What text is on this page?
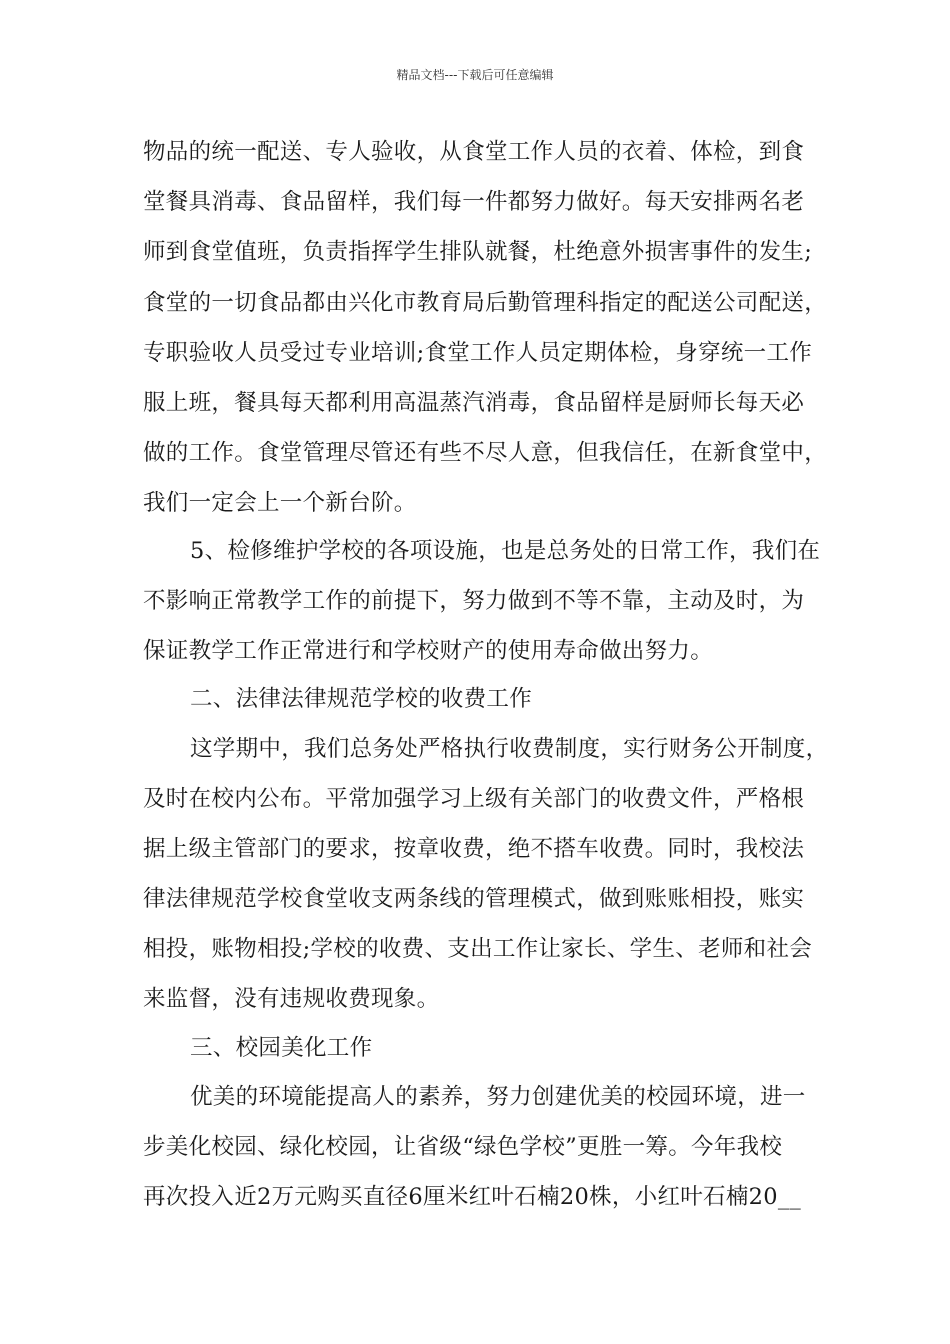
精品文档---下载后可任意编辑
物品的统一配送、专人验收，从食堂工作人员的衣着、体检，到食
堂餐具消毒、食品留样，我们每一件都努力做好。每天安排两名老
师到食堂值班，负责指挥学生排队就餐，杜绝意外损害事件的发生;
食堂的一切食品都由兴化市教育局后勤管理科指定的配送公司配送，
专职验收人员受过专业培训;食堂工作人员定期体检，身穿统一工作
服上班，餐具每天都利用高温蒸汽消毒，食品留样是厨师长每天必
做的工作。食堂管理尽管还有些不尽人意，但我信任，在新食堂中，
我们一定会上一个新台阶。
5、检修维护学校的各项设施，也是总务处的日常工作，我们在
不影响正常教学工作的前提下，努力做到不等不靠，主动及时，为
保证教学工作正常进行和学校财产的使用寿命做出努力。
二、法律法律规范学校的收费工作
这学期中，我们总务处严格执行收费制度，实行财务公开制度，
及时在校内公布。平常加强学习上级有关部门的收费文件，严格根
据上级主管部门的要求，按章收费，绝不搭车收费。同时，我校法
律法律规范学校食堂收支两条线的管理模式，做到账账相投，账实
相投，账物相投;学校的收费、支出工作让家长、学生、老师和社会
来监督，没有违规收费现象。
三、校园美化工作
优美的环境能提高人的素养，努力创建优美的校园环境，进一
步美化校园、绿化校园，让省级“绿色学校”更胜一筹。今年我校
再次投入近2万元购买直径6厘米红叶石楠20株，小红叶石楠20__
